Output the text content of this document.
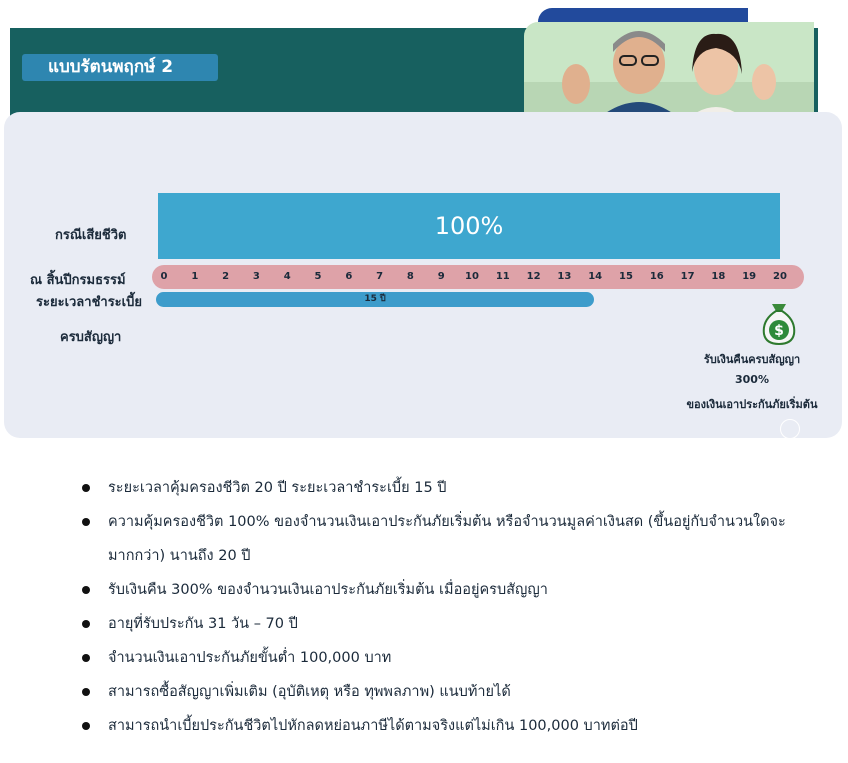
แบบรัตนพฤกษ์ 2
กรณีเสียชีวิต	100%
ณ สิ้นปีกรมธรรม์	0 1 2 3 4 5 6 7 8 9 10 11 12 13 14 15 16 17 18 19 20
ระยะเวลาชำระเบี้ย	15 ปี
ครบสัญญา	$
รับเงินคืนครบสัญญา
300%
ของเงินเอาประกันภัยเริ่มต้น
ระยะเวลาคุ้มครองชีวิต 20 ปี ระยะเวลาชำระเบี้ย 15 ปี
ความคุ้มครองชีวิต 100% ของจำนวนเงินเอาประกันภัยเริ่มต้น หรือจำนวนมูลค่าเงินสด (ขึ้นอยู่กับจำนวนใดจะมากกว่า) นานถึง 20 ปี
รับเงินคืน 300% ของจำนวนเงินเอาประกันภัยเริ่มต้น เมื่ออยู่ครบสัญญา
อายุที่รับประกัน 31 วัน – 70 ปี
จำนวนเงินเอาประกันภัยขั้นต่ำ 100,000 บาท
สามารถซื้อสัญญาเพิ่มเติม (อุบัติเหตุ หรือ ทุพพลภาพ) แนบท้ายได้
สามารถนำเบี้ยประกันชีวิตไปหักลดหย่อนภาษีได้ตามจริงแต่ไม่เกิน 100,000 บาทต่อปี
